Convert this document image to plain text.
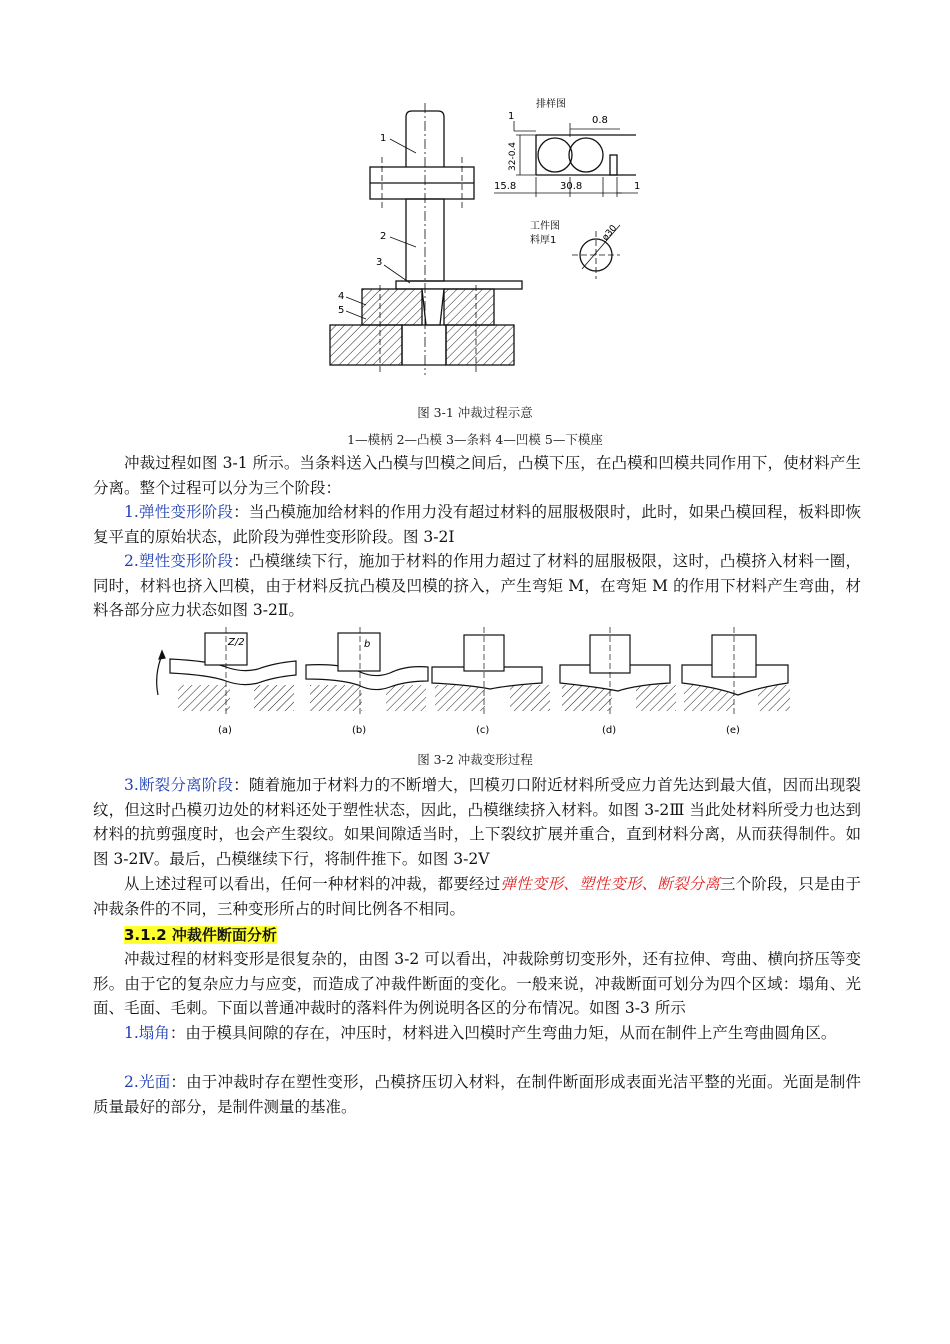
1
2
3
4
5
排样图
0.8
1
32-0.4
15.8	30.8	1
工件图
料厚1	ø30
图 3-1 冲裁过程示意
1—模柄 2—凸模 3—条料 4—凹模 5—下模座

冲裁过程如图 3-1 所示。当条料送入凸模与凹模之间后，凸模下压，在凸模和凹模共同作用下，使材料产生分离。整个过程可以分为三个阶段：

1.弹性变形阶段：当凸模施加给材料的作用力没有超过材料的屈服极限时，此时，如果凸模回程，板料即恢复平直的原始状态，此阶段为弹性变形阶段。图 3-2Ⅰ

2.塑性变形阶段：凸模继续下行，施加于材料的作用力超过了材料的屈服极限，这时，凸模挤入材料一圈，同时，材料也挤入凹模，由于材料反抗凸模及凹模的挤入，产生弯矩 M，在弯矩 M 的作用下材料产生弯曲，材料各部分应力状态如图 3-2Ⅱ。

Z/2	b
(a)	(b)	(c)	(d)	(e)
图 3-2 冲裁变形过程

3.断裂分离阶段：随着施加于材料力的不断增大，凹模刃口附近材料所受应力首先达到最大值，因而出现裂纹，但这时凸模刃边处的材料还处于塑性状态，因此，凸模继续挤入材料。如图 3-2Ⅲ 当此处材料所受力也达到材料的抗剪强度时，也会产生裂纹。如果间隙适当时，上下裂纹扩展并重合，直到材料分离，从而获得制件。如图 3-2Ⅳ。最后，凸模继续下行，将制件推下。如图 3-2Ⅴ

从上述过程可以看出，任何一种材料的冲裁，都要经过弹性变形、塑性变形、断裂分离三个阶段，只是由于冲裁条件的不同，三种变形所占的时间比例各不相同。

3.1.2 冲裁件断面分析

冲裁过程的材料变形是很复杂的，由图 3-2 可以看出，冲裁除剪切变形外，还有拉伸、弯曲、横向挤压等变形。由于它的复杂应力与应变，而造成了冲裁件断面的变化。一般来说，冲裁断面可划分为四个区域：塌角、光面、毛面、毛刺。下面以普通冲裁时的落料件为例说明各区的分布情况。如图 3-3 所示

1.塌角：由于模具间隙的存在，冲压时，材料进入凹模时产生弯曲力矩，从而在制件上产生弯曲圆角区。

2.光面：由于冲裁时存在塑性变形，凸模挤压切入材料，在制件断面形成表面光洁平整的光面。光面是制件质量最好的部分，是制件测量的基准。
